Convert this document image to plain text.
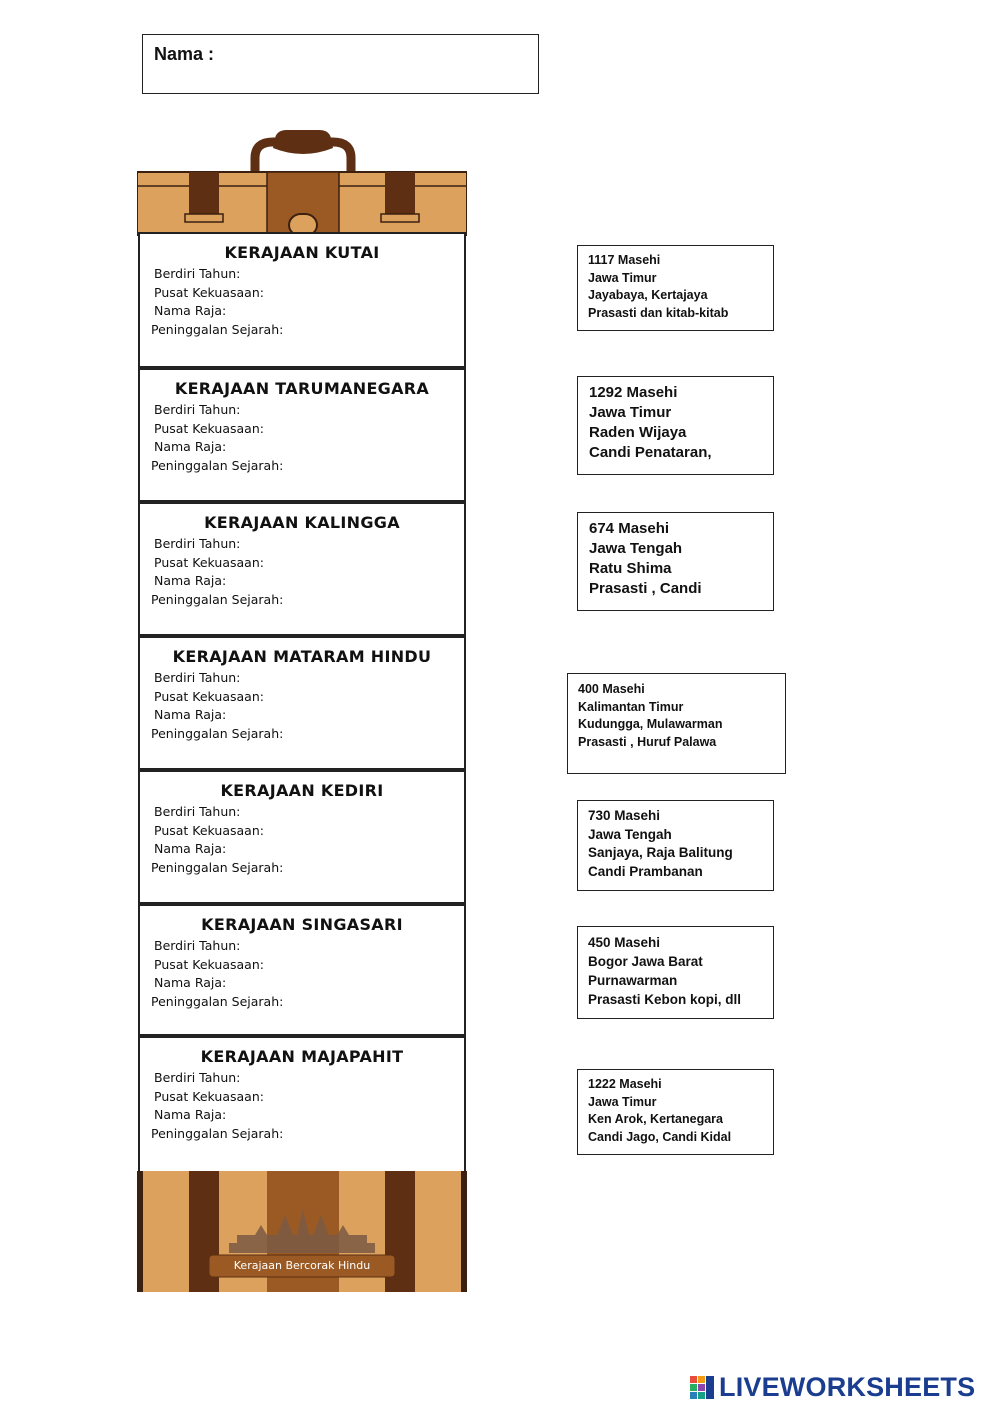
Nama :
KERAJAAN KUTAI
Berdiri Tahun:
Pusat Kekuasaan:
Nama Raja:
Peninggalan Sejarah:
KERAJAAN TARUMANEGARA
Berdiri Tahun:
Pusat Kekuasaan:
Nama Raja:
Peninggalan Sejarah:
KERAJAAN KALINGGA
Berdiri Tahun:
Pusat Kekuasaan:
Nama Raja:
Peninggalan Sejarah:
KERAJAAN MATARAM HINDU
Berdiri Tahun:
Pusat Kekuasaan:
Nama Raja:
Peninggalan Sejarah:
KERAJAAN KEDIRI
Berdiri Tahun:
Pusat Kekuasaan:
Nama Raja:
Peninggalan Sejarah:
KERAJAAN SINGASARI
Berdiri Tahun:
Pusat Kekuasaan:
Nama Raja:
Peninggalan Sejarah:
KERAJAAN MAJAPAHIT
Berdiri Tahun:
Pusat Kekuasaan:
Nama Raja:
Peninggalan Sejarah:
Kerajaan Bercorak Hindu
1117 Masehi
Jawa Timur
Jayabaya, Kertajaya
Prasasti dan kitab-kitab
1292 Masehi
Jawa Timur
Raden Wijaya
Candi Penataran,
674 Masehi
Jawa Tengah
Ratu Shima
Prasasti , Candi
400 Masehi
Kalimantan Timur
Kudungga, Mulawarman
Prasasti , Huruf Palawa
730 Masehi
Jawa Tengah
Sanjaya, Raja Balitung
Candi Prambanan
450 Masehi
Bogor Jawa Barat
Purnawarman
Prasasti Kebon kopi, dll
1222 Masehi
Jawa Timur
Ken Arok, Kertanegara
Candi Jago, Candi Kidal
LIVEWORKSHEETS
